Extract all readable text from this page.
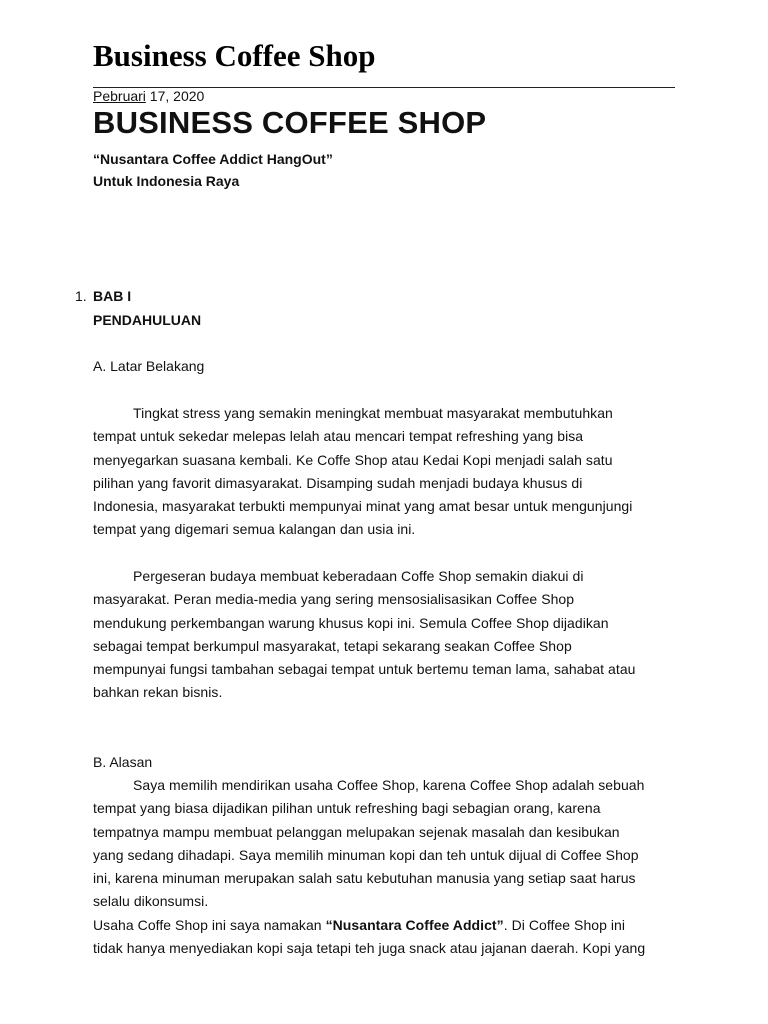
Business Coffee Shop
Pebruari 17, 2020
BUSINESS COFFEE SHOP
“Nusantara Coffee Addict HangOut”
Untuk Indonesia Raya
1. BAB I
PENDAHULUAN
A. Latar Belakang

Tingkat stress yang semakin meningkat membuat masyarakat membutuhkan
tempat untuk sekedar melepas lelah atau mencari tempat refreshing yang bisa
menyegarkan suasana kembali. Ke Coffe Shop atau Kedai Kopi menjadi salah satu
pilihan yang favorit dimasyarakat. Disamping sudah menjadi budaya khusus di
Indonesia, masyarakat terbukti mempunyai minat yang amat besar untuk mengunjungi
tempat yang digemari semua kalangan dan usia ini.

Pergeseran budaya membuat keberadaan Coffe Shop semakin diakui di
masyarakat. Peran media-media yang sering mensosialisasikan Coffee Shop
mendukung perkembangan warung khusus kopi ini. Semula Coffee Shop dijadikan
sebagai tempat berkumpul masyarakat, tetapi sekarang seakan Coffee Shop
mempunyai fungsi tambahan sebagai tempat untuk bertemu teman lama, sahabat atau
bahkan rekan bisnis.

B. Alasan

Saya memilih mendirikan usaha Coffee Shop, karena Coffee Shop adalah sebuah
tempat yang biasa dijadikan pilihan untuk refreshing bagi sebagian orang, karena
tempatnya mampu membuat pelanggan melupakan sejenak masalah dan kesibukan
yang sedang dihadapi. Saya memilih minuman kopi dan teh untuk dijual di Coffee Shop
ini, karena minuman merupakan salah satu kebutuhan manusia yang setiap saat harus
selalu dikonsumsi.
Usaha Coffe Shop ini saya namakan “Nusantara Coffee Addict”. Di Coffee Shop ini
tidak hanya menyediakan kopi saja tetapi teh juga snack atau jajanan daerah. Kopi yang
